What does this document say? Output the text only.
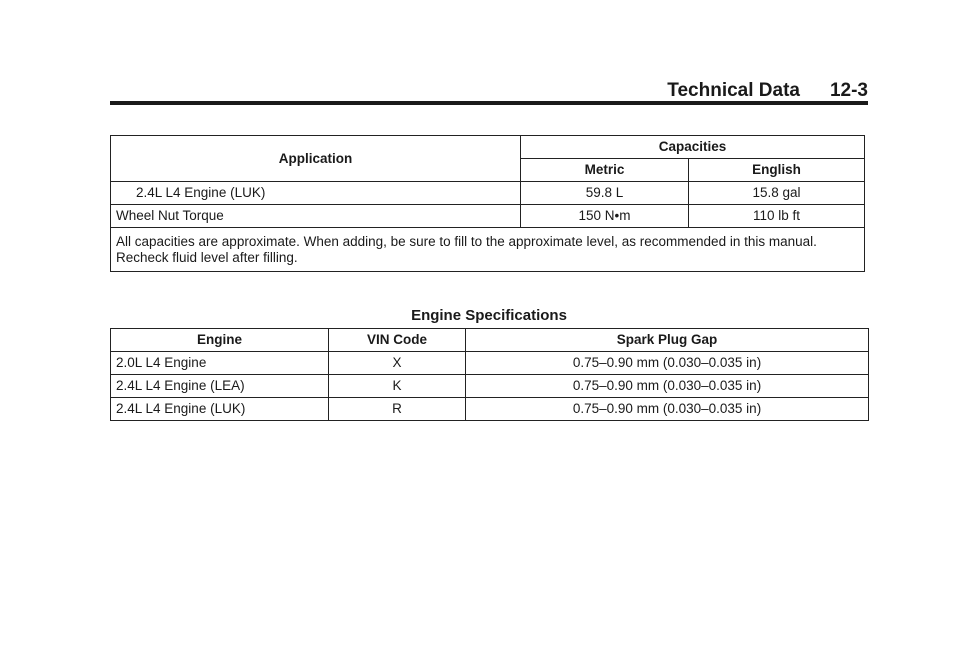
Technical Data	12-3
Application	Capacities	
	Metric	English
2.4L L4 Engine (LUK)	59.8 L	15.8 gal
Wheel Nut Torque	150 N•m	110 lb ft
All capacities are approximate. When adding, be sure to fill to the approximate level, as recommended in this manual. Recheck fluid level after filling.		
Engine Specifications
Engine	VIN Code	Spark Plug Gap
2.0L L4 Engine	X	0.75–0.90 mm (0.030–0.035 in)
2.4L L4 Engine (LEA)	K	0.75–0.90 mm (0.030–0.035 in)
2.4L L4 Engine (LUK)	R	0.75–0.90 mm (0.030–0.035 in)
